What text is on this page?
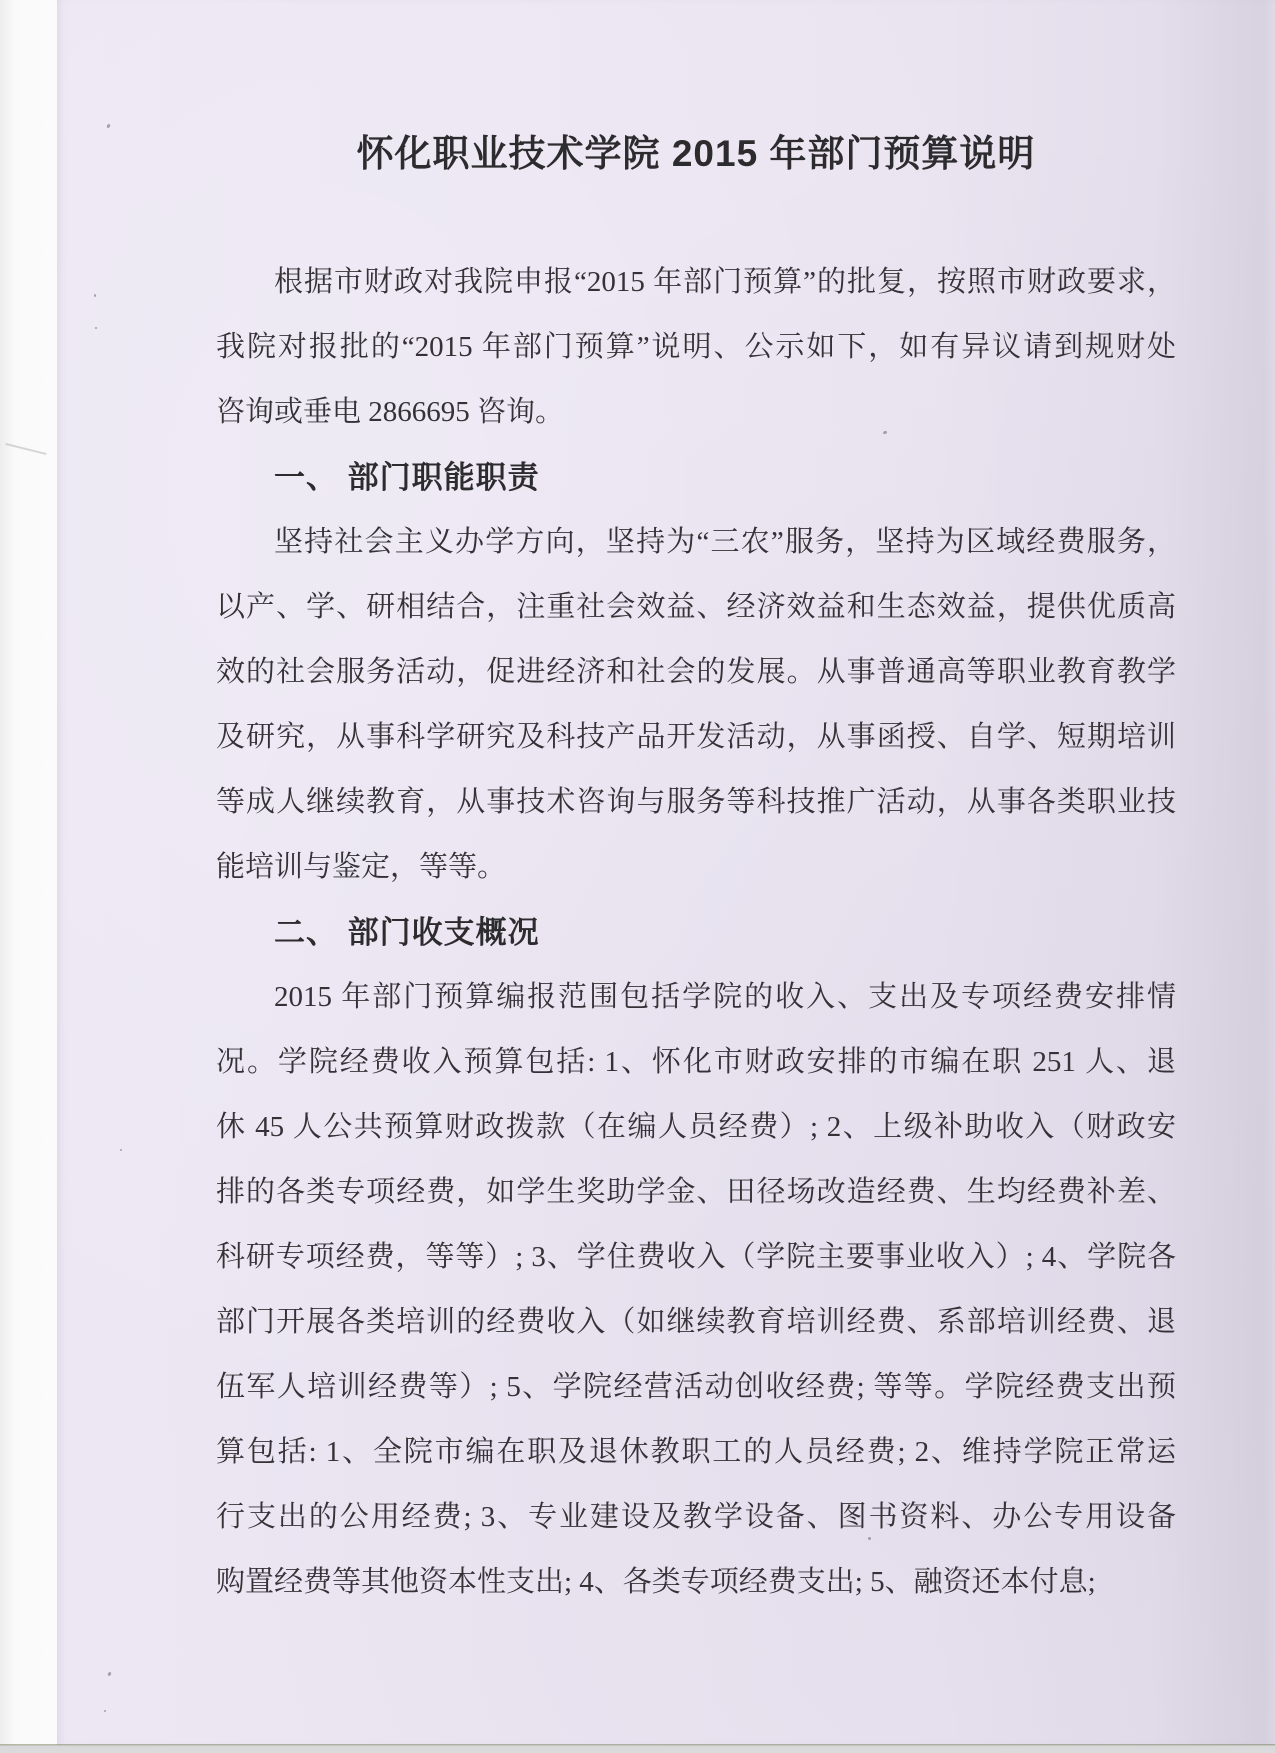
怀化职业技术学院 2015 年部门预算说明
根据市财政对我院申报“2015 年部门预算”的批复，按照市财政要求，
我院对报批的“2015 年部门预算”说明、公示如下，如有异议请到规财处
咨询或垂电 2866695 咨询。
一、 部门职能职责
坚持社会主义办学方向，坚持为“三农”服务，坚持为区域经费服务，
以产、学、研相结合，注重社会效益、经济效益和生态效益，提供优质高
效的社会服务活动，促进经济和社会的发展。从事普通高等职业教育教学
及研究，从事科学研究及科技产品开发活动，从事函授、自学、短期培训
等成人继续教育，从事技术咨询与服务等科技推广活动，从事各类职业技
能培训与鉴定，等等。
二、 部门收支概况
2015 年部门预算编报范围包括学院的收入、支出及专项经费安排情
况。学院经费收入预算包括: 1、怀化市财政安排的市编在职 251 人、退
休 45 人公共预算财政拨款（在编人员经费）; 2、上级补助收入（财政安
排的各类专项经费，如学生奖助学金、田径场改造经费、生均经费补差、
科研专项经费，等等）; 3、学住费收入（学院主要事业收入）; 4、学院各
部门开展各类培训的经费收入（如继续教育培训经费、系部培训经费、退
伍军人培训经费等）; 5、学院经营活动创收经费; 等等。学院经费支出预
算包括: 1、全院市编在职及退休教职工的人员经费; 2、维持学院正常运
行支出的公用经费; 3、专业建设及教学设备、图书资料、办公专用设备
购置经费等其他资本性支出; 4、各类专项经费支出; 5、融资还本付息;
